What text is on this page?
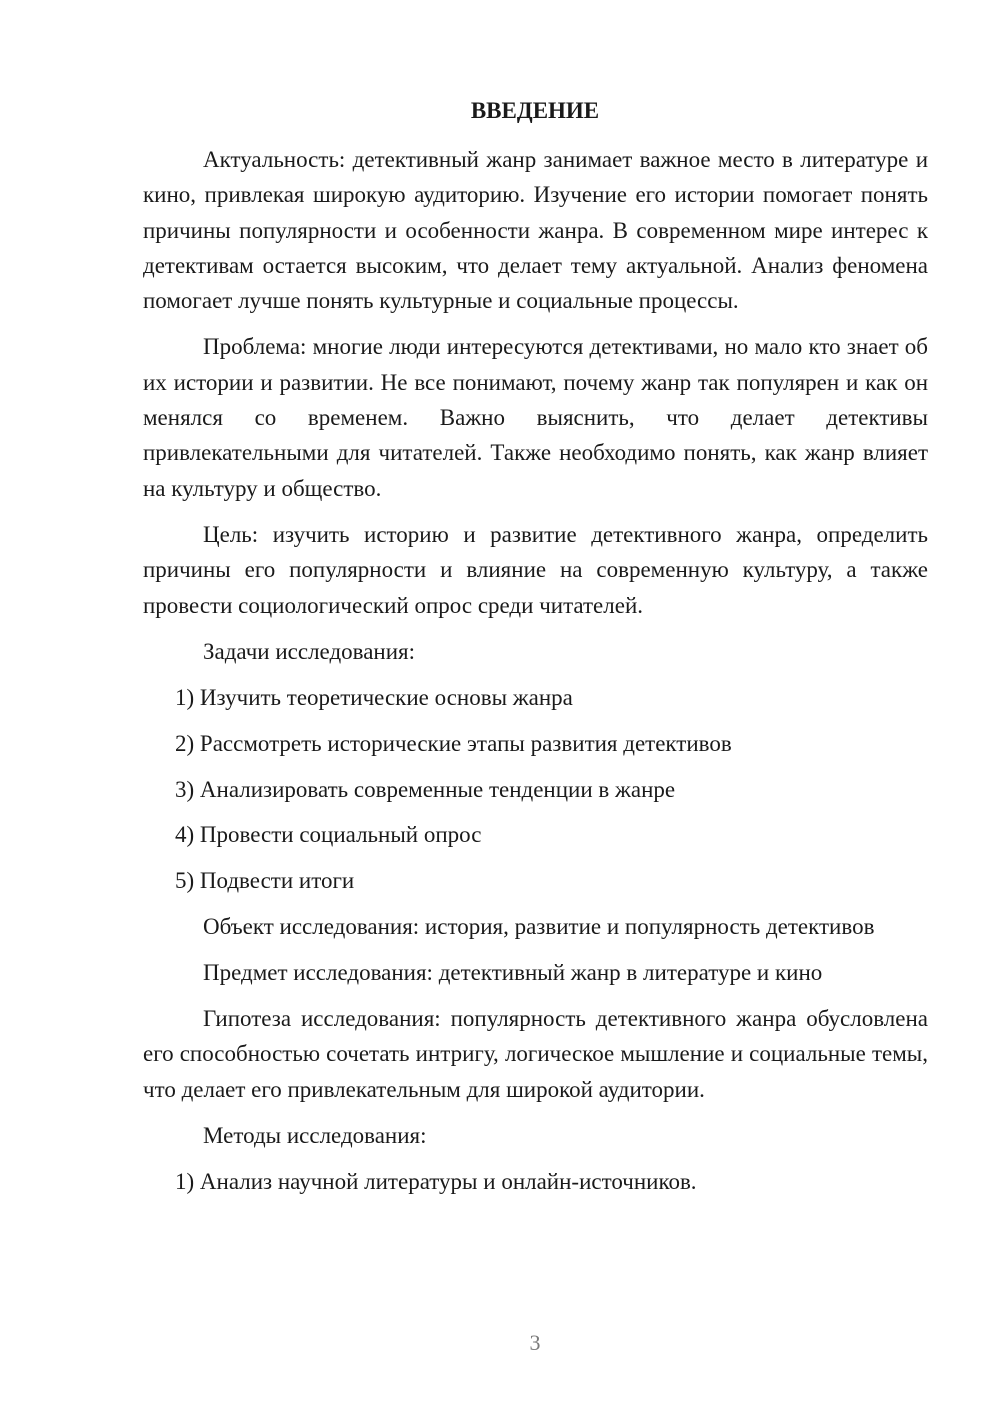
ВВЕДЕНИЕ

Актуальность: детективный жанр занимает важное место в литературе и кино, привлекая широкую аудиторию. Изучение его истории помогает понять причины популярности и особенности жанра. В современном мире интерес к детективам остается высоким, что делает тему актуальной. Анализ феномена помогает лучше понять культурные и социальные процессы.

Проблема: многие люди интересуются детективами, но мало кто знает об их истории и развитии. Не все понимают, почему жанр так популярен и как он менялся со временем. Важно выяснить, что делает детективы привлекательными для читателей. Также необходимо понять, как жанр влияет на культуру и общество.

Цель: изучить историю и развитие детективного жанра, определить причины его популярности и влияние на современную культуру, а также провести социологический опрос среди читателей.

Задачи исследования:

1) Изучить теоретические основы жанра
2) Рассмотреть исторические этапы развития детективов
3) Анализировать современные тенденции в жанре
4) Провести социальный опрос
5) Подвести итоги

Объект исследования: история, развитие и популярность детективов

Предмет исследования: детективный жанр в литературе и кино

Гипотеза исследования: популярность детективного жанра обусловлена его способностью сочетать интригу, логическое мышление и социальные темы, что делает его привлекательным для широкой аудитории.

Методы исследования:

1) Анализ научной литературы и онлайн-источников.
3
